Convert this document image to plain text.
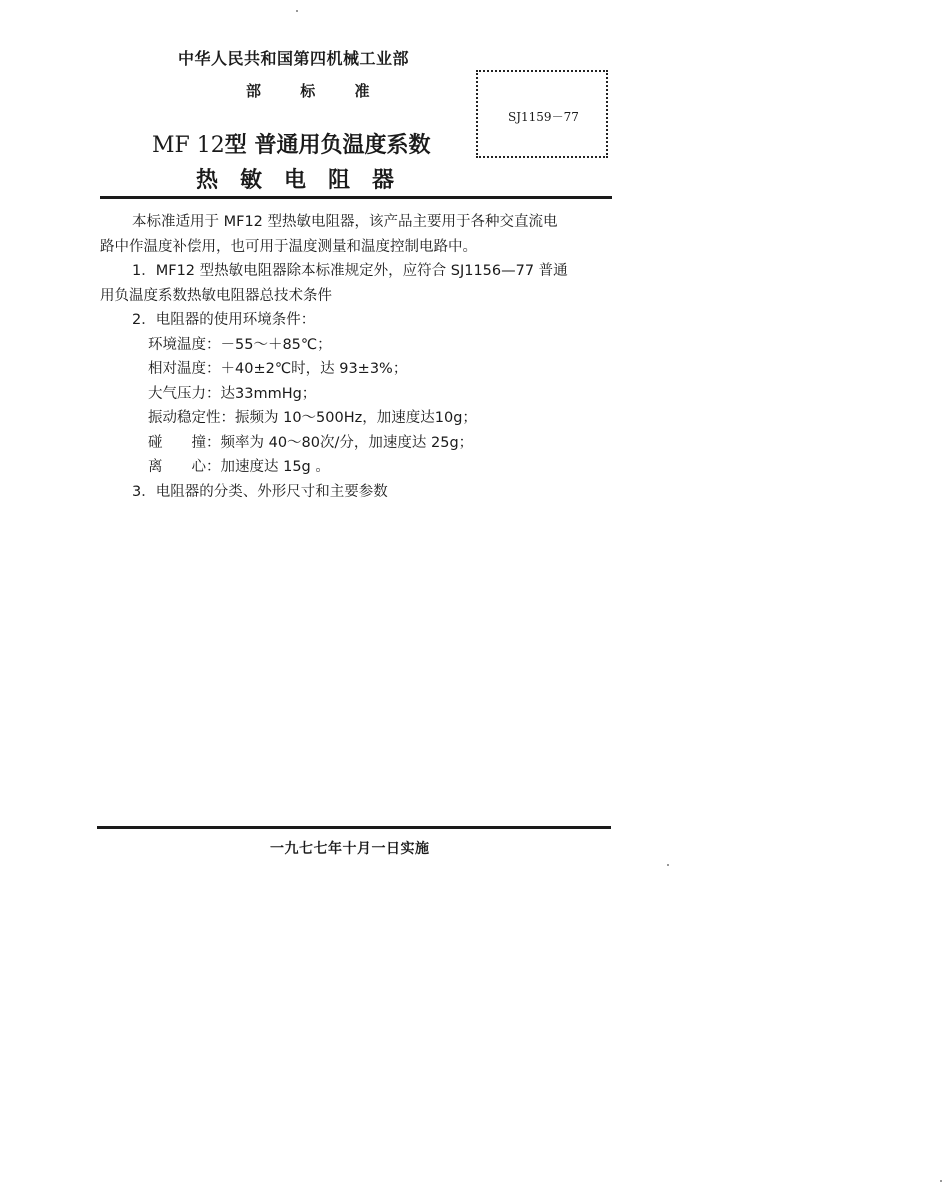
中华人民共和国第四机械工业部
部 标 准
MF 12型 普通用负温度系数
热敏电阻器
SJ1159－77

本标准适用于 MF12 型热敏电阻器，该产品主要用于各种交直流电

路中作温度补偿用，也可用于温度测量和温度控制电路中。

1．MF12 型热敏电阻器除本标准规定外，应符合 SJ1156—77 普通

用负温度系数热敏电阻器总技术条件

2．电阻器的使用环境条件：

环境温度：－55～＋85℃；

相对温度：＋40±2℃时，达 93±3%；

大气压力：达33mmHg；

振动稳定性：振频为 10～500Hz，加速度达10g；

碰　　撞：频率为 40～80次/分，加速度达 25g；

离　　心：加速度达 15g 。

3．电阻器的分类、外形尺寸和主要参数

一九七七年十月一日实施
